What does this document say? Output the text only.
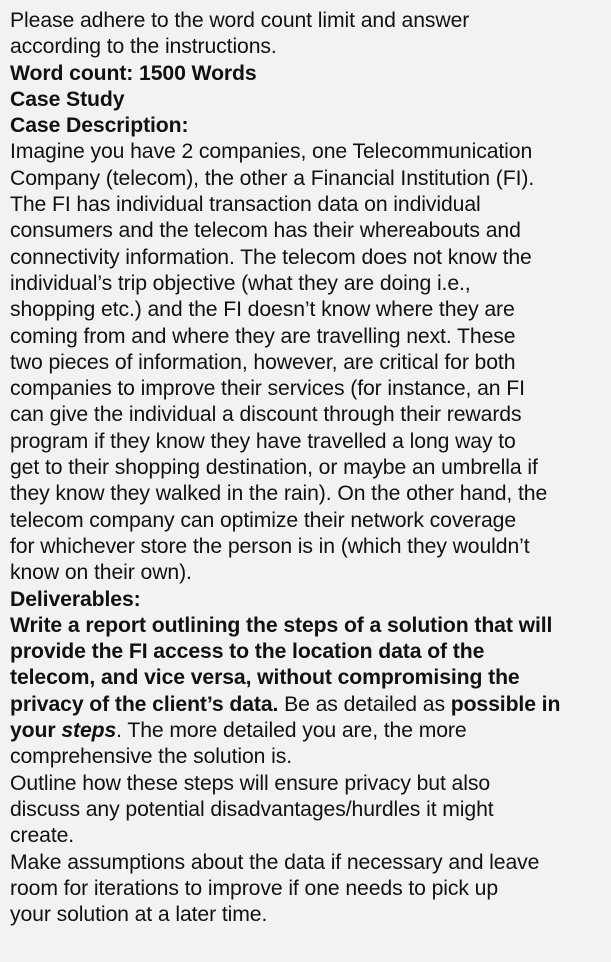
Please adhere to the word count limit and answer
according to the instructions.
Word count: 1500 Words
Case Study
Case Description:
Imagine you have 2 companies, one Telecommunication
Company (telecom), the other a Financial Institution (FI).
The FI has individual transaction data on individual
consumers and the telecom has their whereabouts and
connectivity information. The telecom does not know the
individual’s trip objective (what they are doing i.e.,
shopping etc.) and the FI doesn’t know where they are
coming from and where they are travelling next. These
two pieces of information, however, are critical for both
companies to improve their services (for instance, an FI
can give the individual a discount through their rewards
program if they know they have travelled a long way to
get to their shopping destination, or maybe an umbrella if
they know they walked in the rain). On the other hand, the
telecom company can optimize their network coverage
for whichever store the person is in (which they wouldn’t
know on their own).
Deliverables:
Write a report outlining the steps of a solution that will
provide the FI access to the location data of the
telecom, and vice versa, without compromising the
privacy of the client’s data. Be as detailed as possible in
your steps. The more detailed you are, the more
comprehensive the solution is.
Outline how these steps will ensure privacy but also
discuss any potential disadvantages/hurdles it might
create.
Make assumptions about the data if necessary and leave
room for iterations to improve if one needs to pick up
your solution at a later time.
